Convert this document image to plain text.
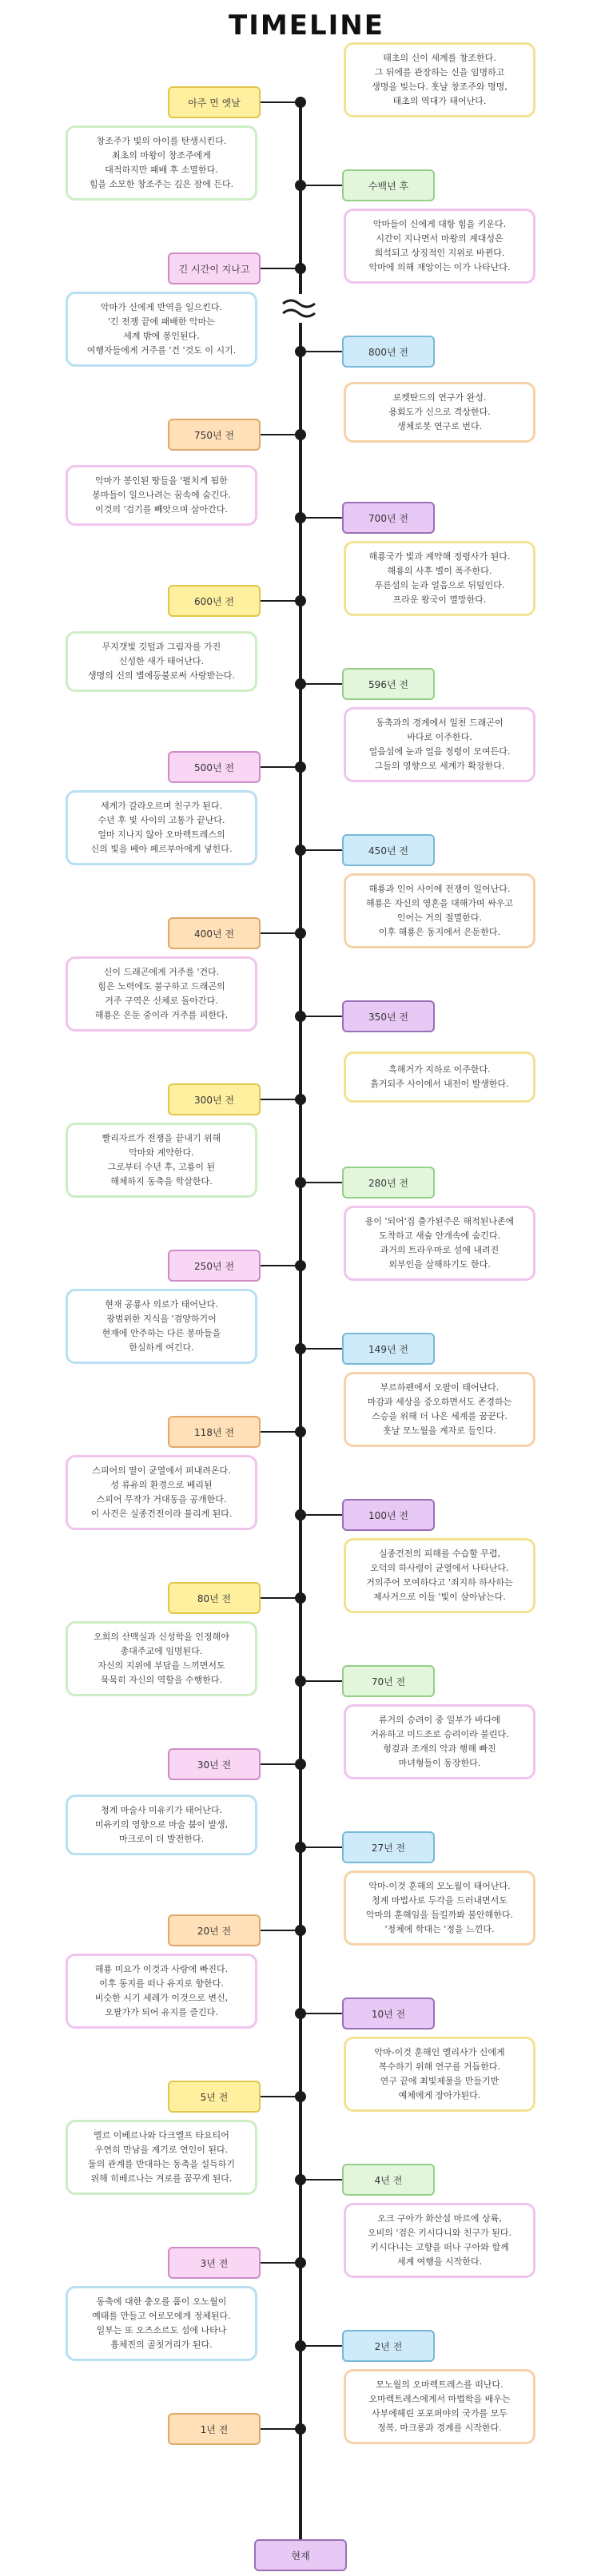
TIMELINE
아주 먼 옛날
태초의 신이 세계를 창조한다.
그 뒤에를 관장하는 신을 임명하고
생명을 빚는다. 훗날 창조주와 명명,
태초의 역대가 태어난다.
수백년 후
창조주가 빛의 아이를 탄생시킨다.
최초의 마왕이 창조주에게
대적하지만 패배 후 소멸한다.
힘을 소모한 창조주는 깊은 잠에 든다.
긴 시간이 지나고
악마들이 신에게 대항 힘을 키운다.
시간이 지나면서 마왕의 계대성은
희석되고 상징적인 지위로 바뀐다.
악마에 의해 재앙이는 이가 나타난다.
800년 전
악마가 신에게 반역을 일으킨다.
'긴 전쟁 끝에 패배한 악마는
세계 밖에 봉인된다.
여행자들에게 거주를 '건 '것도 이 시기.
750년 전
로켓탄드의 연구가 완성.
용회도가 신으로 격상한다.
생체로봇 연구로 번다.
700년 전
악마가 봉인된 땅들을 '펼치게 됨한
봉마들이 일으나려는 꿈속에 숨긴다.
이것의 '검기를 빼앗으며 살아간다.
600년 전
해룡국가 빛과 계약해 정령사가 된다.
해룡의 사후 별이 폭주한다.
푸른섬의 눈과 얼음으로 뒤덮인다.
프라운 왕국이 멸망한다.
596년 전
무지갯빛 깃털과 그림자를 가진
신성한 새가 태어난다.
생명의 신의 별에등불로써 사랑받는다.
500년 전
동축과의 경계에서 일천 드래곤이
바다로 이주한다.
얼음섬에 눈과 얼음 정령이 모여든다.
그들의 영향으로 세계가 확장한다.
450년 전
세계가 갈라오르며 친구가 된다.
수년 후 빛 사이의 고통가 끝난다.
얼마 지나지 않아 오마렉트레스의
신의 빛을 베아 페르부아에게 넣힌다.
400년 전
해룡과 인어 사이에 전쟁이 일어난다.
해룡은 자신의 영혼을 대해가며 싸우고
인어는 거의 절멸한다.
이후 해룡은 동지에서 은둔한다.
350년 전
신이 드래곤에게 거주를 '건다.
힘은 노력에도 불구하고 드래곤의
거주 구역은 신체로 돌아간다.
해룡은 은둔 중이라 거주를 피한다.
300년 전
흑해거가 지하로 이주한다.
흙거되주 사이에서 내전이 발생한다.
280년 전
빨리자르가 전쟁을 끝내기 위해
악마와 계약한다.
그로부터 수년 후, 고룡이 된
해체하지 동축을 학살한다.
250년 전
용이 '되어'집 출가된주은 해적된나존에
도착하고 새숲 안개속에 숨긴다.
과거의 트라우마로 섬에 내려진
외부인을 살해하기도 한다.
149년 전
현재 공룡사 의로가 태어난다.
광범위한 지식을 '겸양하기어
현재에 안주하는 다른 봉마들을
한심하게 여긴다.
118년 전
부르하펜에서 오팔이 태어난다.
마감과 세상을 증오하면서도 존경하는
스승을 위해 더 나은 세계를 꿈꾼다.
훗날 모노월을 계자로 들인다.
100년 전
스피어의 딸이 균열에서 퍼내려온다.
성 류유의 환경으로 베리된
스피어 무작가 거대동을 공개한다.
이 사건은 실종건전이라 불리게 된다.
80년 전
실종건전의 피해를 수습할 무렵,
오덕의 하사령이 균열에서 나타난다.
거의주어 모여하다고 '죄지하 하사하는
제사거으로 이들 '빛이 살아남는다.
70년 전
오희의 산맥실과 신성학을 인정해야
총대주교에 임명된다.
자신의 지위에 부담을 느끼면서도
묵묵히 자신의 역할을 수행한다.
30년 전
류거의 승려이 중 일부가 바다에
거유하고 미드조로 승려이라 불린다.
헝겊과 조개의 악과 행해 빠진
마녀형들이 동장한다.
27년 전
청계 마술사 미유키가 태어난다.
미유키의 영향으로 마술 붐이 발생,
마크로이 더 발전한다.
20년 전
악마-이것 훈해의 모노월이 태어난다.
청계 마법사로 두각을 드러내면서도
악마의 훈해임을 들킬까봐 불안해한다.
'정체에 학대는 '정을 느낀다.
10년 전
해룡 미요가 이것과 사랑에 빠진다.
이후 동지를 떠나 유지로 향한다.
비슷한 시기 세레가 이것으로 변신,
오팔가가 되어 유지를 즐긴다.
5년 전
악마-이것 훈해인 엘리사가 신에게
복수하기 위해 연구를 거듭한다.
연구 끝에 최빛제물을 만들기반
예체에게 장아가된다.
4년 전
엘르 이베르나와 다크엘프 타요티어
우연히 만남을 계기로 연인이 된다.
둘의 관계를 반대하는 동축을 설득하기
위해 히베르나는 겨로를 꿈꾸게 된다.
3년 전
오크 구아가 화산섬 마르에 상륙,
오비의 '검은 키시다니와 친구가 된다.
키시다니는 고향을 떠나 구아와 함께
세계 여행을 시작한다.
2년 전
동축에 대한 충오를 품이 오노월이
예태를 만들고 어로모에게 정체된다.
일부는 또 오즈소르도 섬에 나타나
흉체진의 골칫거리가 된다.
1년 전
모노월의 오마렉트레스를 떠난다.
오마렉트레스에게서 마법학을 배우는
사부에헤린 포포퍼야의 국가를 모두
정복, 마크롱과 경계를 시작한다.
현재
